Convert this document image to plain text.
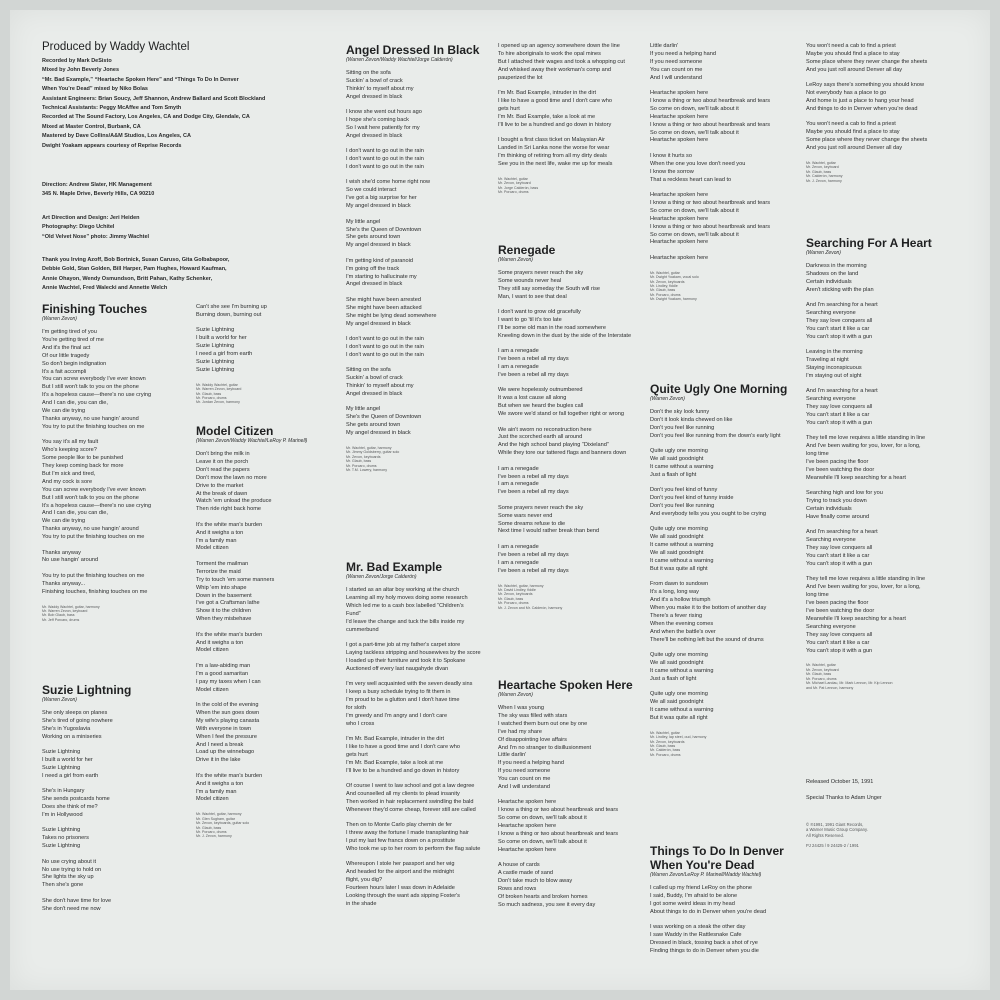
Produced by Waddy Wachtel
Recorded by Mark DeSisto
Mixed by John Beverly Jones
“Mr. Bad Example,” “Heartache Spoken Here” and “Things To Do In Denver
When You're Dead” mixed by Niko Bolas
Assistant Engineers: Brian Soucy, Jeff Shannon, Andrew Ballard and Scott Blockland
Technical Assistants: Peggy McAffee and Tom Smyth
Recorded at The Sound Factory, Los Angeles, CA and Dodge City, Glendale, CA
Mixed at Master Control, Burbank, CA
Mastered by Dave Collins/A&M Studios, Los Angeles, CA
Dwight Yoakam appears courtesy of Reprise Records
Direction: Andrew Slater, HK Management
345 N. Maple Drive, Beverly Hills, CA 90210
Art Direction and Design: Jeri Heiden
Photography: Diego Uchitel
“Old Velvet Nose” photo: Jimmy Wachtel
Thank you Irving Azoff, Bob Bortnick, Susan Caruso, Gita Golbabapoor,
Debbie Gold, Stan Golden, Bill Harper, Pam Hughes, Howard Kaufman,
Annie Ohayon, Wendy Osmundson, Britt Pahan, Kathy Schenker,
Annie Wachtel, Fred Walecki and Annette Welch
Finishing Touches
(Warren Zevon)
I'm getting tired of you
You're getting tired of me
And it's the final act
Of our little tragedy
So don't begin indignation
It's a fait accompli
You can screw everybody I've ever known
But I still won't talk to you on the phone
It's a hopeless cause—there's no use crying
And I can die, you can die,
We can die trying
Thanks anyway, no use hangin' around
You try to put the finishing touches on me
You say it's all my fault
Who's keeping score?
Some people like to be punished
They keep coming back for more
But I'm sick and tired,
And my cock is sore
You can screw everybody I've ever known
But I still won't talk to you on the phone
It's a hopeless cause—there's no use crying
And I can die, you can die,
We can die trying
Thanks anyway, no use hangin' around
You try to put the finishing touches on me
Thanks anyway
No use hangin' around
You try to put the finishing touches on me
Thanks anyway...
Finishing touches, finishing touches on me
Mr. Waddy Wachtel, guitar, harmony
Mr. Warren Zevon, keyboard
Mr. Bob Glaub, bass
Mr. Jeff Porcaro, drums
Suzie Lightning
(Warren Zevon)
She only sleeps on planes
She's tired of going nowhere
She's in Yugoslavia
Working on a miniseries
Suzie Lightning
I built a world for her
Suzie Lightning
I need a girl from earth
She's in Hungary
She sends postcards home
Does she think of me?
I'm in Hollywood
Suzie Lightning
Takes no prisoners
Suzie Lightning
No use crying about it
No use trying to hold on
She lights the sky up
Then she's gone
She don't have time for love
She don't need me now
Can't she see I'm burning up
Burning down, burning out
Suzie Lightning
I built a world for her
Suzie Lightning
I need a girl from earth
Suzie Lightning
Suzie Lightning
Mr. Waddy Wachtel, guitar
Mr. Warren Zevon, keyboard
Mr. Glaub, bass
Mr. Porcaro, drums
Mr. Jordan Zevon, harmony
Model Citizen
(Warren Zevon/Waddy Wachtel/LeRoy P. Marinell)
Don't bring the milk in
Leave it on the porch
Don't read the papers
Don't mow the lawn no more
Drive to the market
At the break of dawn
Watch 'em unload the produce
Then ride right back home
It's the white man's burden
And it weighs a ton
I'm a family man
Model citizen
Torment the mailman
Terrorize the maid
Try to touch 'em some manners
Whip 'em into shape
Down in the basement
I've got a Craftsman lathe
Show it to the children
When they misbehave
It's the white man's burden
And it weighs a ton
Model citizen
I'm a law-abiding man
I'm a good samaritan
I pay my taxes when I can
Model citizen
In the cold of the evening
When the sun goes down
My wife's playing canasta
With everyone in town
When I feel the pressure
And I need a break
Load up the winnebago
Drive it in the lake
It's the white man's burden
And it weighs a ton
I'm a family man
Model citizen
Mr. Wachtel, guitar, harmony
Mr. Glen Sugham, guitar
Mr. Zevon, keyboards, guitar solo
Mr. Glaub, bass
Mr. Porcaro, drums
Mr. J. Zevon, harmony
Angel Dressed In Black
(Warren Zevon/Waddy Wachtel/Jorge Calderón)
Sitting on the sofa
Suckin' a bowl of crack
Thinkin' to myself about my
Angel dressed in black
I know she went out hours ago
I hope she's coming back
So I wait here patiently for my
Angel dressed in black
I don't want to go out in the rain
I don't want to go out in the rain
I don't want to go out in the rain
I wish she'd come home right now
So we could interact
I've got a big surprise for her
My angel dressed in black
My little angel
She's the Queen of Downtown
She gets around town
My angel dressed in black
I'm getting kind of paranoid
I'm going off the track
I'm starting to hallucinate my
Angel dressed in black
She might have been arrested
She might have been attacked
She might be lying dead somewhere
My angel dressed in black
I don't want to go out in the rain
I don't want to go out in the rain
I don't want to go out in the rain
Sitting on the sofa
Suckin' a bowl of crack
Thinkin' to myself about my
Angel dressed in black
My little angel
She's the Queen of Downtown
She gets around town
My angel dressed in black
Mr. Wachtel, guitar, harmony
Mr. Jimmy Goldsberry, guitar solo
Mr. Zevon, keyboards
Mr. Glaub, bass
Mr. Porcaro, drums
Mr. T.M. Lowery, harmony
Mr. Bad Example
(Warren Zevon/Jorge Calderón)
I started as an altar boy working at the church
Learning all my holy moves doing some research
Which led me to a cash box labelled “Children's
Fund”
I'd leave the change and tuck the bills inside my
cummerbund
I got a part-time job at my father's carpet store
Laying tackless stripping and housewives by the score
I loaded up their furniture and took it to Spokane
Auctioned off every last naugahyde divan
I'm very well acquainted with the seven deadly sins
I keep a busy schedule trying to fit them in
I'm proud to be a glutton and I don't have time
for sloth
I'm greedy and I'm angry and I don't care
who I cross
I'm Mr. Bad Example, intruder in the dirt
I like to have a good time and I don't care who
gets hurt
I'm Mr. Bad Example, take a look at me
I'll live to be a hundred and go down in history
Of course I went to law school and got a law degree
And counselled all my clients to plead insanity
Then worked in hair replacement swindling the bald
Whenever they'd come cheap, forever still are called
Then on to Monte Carlo play chemin de fer
I threw away the fortune I made transplanting hair
I put my last few francs down on a prostitute
Who took me up to her room to perform the flag salute
Whereupon I stole her passport and her wig
And headed for the airport and the midnight
flight, you dig?
Fourteen hours later I was down in Adelaide
Looking through the want ads sipping Foster's
in the shade
I opened up an agency somewhere down the line
To hire aboriginals to work the opal mines
But I attached their wages and took a whopping cut
And whisked away their workman's comp and
pauperized the lot
I'm Mr. Bad Example, intruder in the dirt
I like to have a good time and I don't care who
gets hurt
I'm Mr. Bad Example, take a look at me
I'll live to be a hundred and go down in history
I bought a first class ticket on Malaysian Air
Landed in Sri Lanka none the worse for wear
I'm thinking of retiring from all my dirty deals
See you in the next life, wake me up for meals
Mr. Wachtel, guitar
Mr. Zevon, keyboard
Mr. Jorge Calderón, bass
Mr. Porcaro, drums
Renegade
(Warren Zevon)
Some prayers never reach the sky
Some wounds never heal
They still say someday the South will rise
Man, I want to see that deal
I don't want to grow old gracefully
I want to go 'til it's too late
I'll be some old man in the road somewhere
Kneeling down in the dust by the side of the Interstate
I am a renegade
I've been a rebel all my days
I am a renegade
I've been a rebel all my days
We were hopelessly outnumbered
It was a lost cause all along
But when we heard the bugles call
We swore we'd stand or fall together right or wrong
We ain't sworn no reconstruction here
Just the scorched earth all around
And the high school band playing “Dixieland”
While they tore our tattered flags and banners down
I am a renegade
I've been a rebel all my days
I am a renegade
I've been a rebel all my days
Some prayers never reach the sky
Some wars never end
Some dreams refuse to die
Next time I would rather break than bend
I am a renegade
I've been a rebel all my days
I am a renegade
I've been a rebel all my days
Mr. Wachtel, guitar, harmony
Mr. David Lindley, fiddle
Mr. Zevon, keyboards
Mr. Glaub, bass
Mr. Porcaro, drums
Mr. J. Zevon and Mr. Calderón, harmony
Heartache Spoken Here
(Warren Zevon)
When I was young
The sky was filled with stars
I watched them burn out one by one
I've had my share
Of disappointing love affairs
And I'm no stranger to disillusionment
Little darlin'
If you need a helping hand
If you need someone
You can count on me
And I will understand
Heartache spoken here
I know a thing or two about heartbreak and tears
So come on down, we'll talk about it
Heartache spoken here
I know a thing or two about heartbreak and tears
So come on down, we'll talk about it
Heartache spoken here
A house of cards
A castle made of sand
Don't take much to blow away
Rows and rows
Of broken hearts and broken homes
So much sadness, you see it every day
Little darlin'
If you need a helping hand
If you need someone
You can count on me
And I will understand
Heartache spoken here
I know a thing or two about heartbreak and tears
So come on down, we'll talk about it
Heartache spoken here
I know a thing or two about heartbreak and tears
So come on down, we'll talk about it
Heartache spoken here
I know it hurts so
When the one you love don't need you
I know the sorrow
That a reckless heart can lead to
Heartache spoken here
I know a thing or two about heartbreak and tears
So come on down, we'll talk about it
Heartache spoken here
I know a thing or two about heartbreak and tears
So come on down, we'll talk about it
Heartache spoken here
Heartache spoken here
Mr. Wachtel, guitar
Mr. Dwight Yoakam, vocal solo
Mr. Zevon, keyboards
Mr. Lindley, fiddle
Mr. Glaub, bass
Mr. Porcaro, drums
Mr. Dwight Yoakam, harmony
Quite Ugly One Morning
(Warren Zevon)
Don't the sky look funny
Don't it look kinda chewed on like
Don't you feel like running
Don't you feel like running from the down's early light
Quite ugly one morning
We all said goodnight
It came without a warning
Just a flash of light
Don't you feel kind of funny
Don't you feel kind of funny inside
Don't you feel like running
And everybody tells you you ought to be crying
Quite ugly one morning
We all said goodnight
It came without a warning
We all said goodnight
It came without a warning
But it was quite all right
From dawn to sundown
It's a long, long way
And it's a hollow triumph
When you make it to the bottom of another day
There's a fever rising
When the evening comes
And when the battle's over
There'll be nothing left but the sound of drums
Quite ugly one morning
We all said goodnight
It came without a warning
Just a flash of light
Quite ugly one morning
We all said goodnight
It came without a warning
But it was quite all right
Mr. Wachtel, guitar
Mr. Lindley, lap steel, oud, harmony
Mr. Zevon, keyboards
Mr. Glaub, bass
Mr. Calderón, bass
Mr. Porcaro, drums
Things To Do In Denver
When You're Dead
(Warren Zevon/LeRoy P. Marinell/Waddy Wachtel)
I called up my friend LeRoy on the phone
I said, Buddy, I'm afraid to be alone
I got some weird ideas in my head
About things to do in Denver when you're dead
I was working on a steak the other day
I saw Waddy in the Rattlesnake Cafe
Dressed in black, tossing back a shot of rye
Finding things to do in Denver when you die
You won't need a cab to find a priest
Maybe you should find a place to stay
Some place where they never change the sheets
And you just roll around Denver all day
LeRoy says there's something you should know
Not everybody has a place to go
And home is just a place to hang your head
And things to do in Denver when you're dead
You won't need a cab to find a priest
Maybe you should find a place to stay
Some place where they never change the sheets
And you just roll around Denver all day
Mr. Wachtel, guitar
Mr. Zevon, keyboard
Mr. Glaub, bass
Mr. Calderón, harmony
Mr. J. Zevon, harmony
Searching For A Heart
(Warren Zevon)
Darkness in the morning
Shadows on the land
Certain individuals
Aren't sticking with the plan
And I'm searching for a heart
Searching everyone
They say love conquers all
You can't start it like a car
You can't stop it with a gun
Leaving in the morning
Traveling at night
Staying inconspicuous
I'm staying out of sight
And I'm searching for a heart
Searching everyone
They say love conquers all
You can't start it like a car
You can't stop it with a gun
They tell me love requires a little standing in line
And I've been waiting for you, lover, for a long,
long time
I've been pacing the floor
I've been watching the door
Meanwhile I'll keep searching for a heart
Searching high and low for you
Trying to track you down
Certain individuals
Have finally come around
And I'm searching for a heart
Searching everyone
They say love conquers all
You can't start it like a car
You can't stop it with a gun
They tell me love requires a little standing in line
And I've been waiting for you, lover, for a long,
long time
I've been pacing the floor
I've been watching the door
Meanwhile I'll keep searching for a heart
Searching everyone
They say love conquers all
You can't start it like a car
You can't stop it with a gun
Mr. Wachtel, guitar
Mr. Zevon, keyboard
Mr. Glaub, bass
Mr. Porcaro, drums
Mr. Michael Landau, Mr. Mark Lennon, Mr. Kip Lennon
and Mr. Pat Lennon, harmony
Released October 15, 1991
Special Thanks to Adam Unger
© ℗1991, 1991 Giant Records,
a Warner Music Group Company.
All Rights Reserved.
PJ 24425 / 9 24425-2 / 1991
